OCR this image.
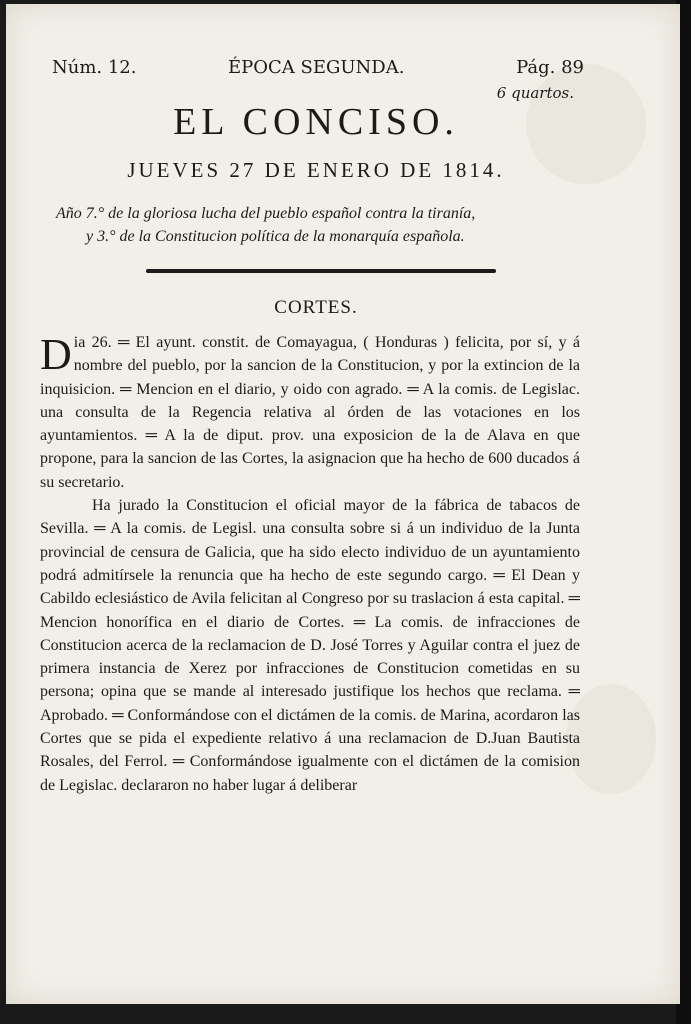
Núm. 12.	ÉPOCA SEGUNDA.	Pág. 89
6 quartos.
EL CONCISO.
JUEVES 27 DE ENERO DE 1814.
Año 7.° de la gloriosa lucha del pueblo español contra la tiranía,
y 3.° de la Constitucion política de la monarquía española.
CORTES.

Dia 26. ═ El ayunt. constit. de Comayagua, ( Honduras ) felicita, por sí, y á nombre del pueblo, por la sancion de la Constitucion, y por la extincion de la inquisicion. ═ Mencion en el diario, y oido con agrado. ═ A la comis. de Legislac. una consulta de la Regencia relativa al órden de las votaciones en los ayuntamientos. ═ A la de diput. prov. una exposicion de la de Alava en que propone, para la sancion de las Cortes, la asignacion que ha hecho de 600 ducados á su secretario.

Ha jurado la Constitucion el oficial mayor de la fábrica de tabacos de Sevilla. ═ A la comis. de Legisl. una consulta sobre si á un individuo de la Junta provincial de censura de Galicia, que ha sido electo individuo de un ayuntamiento podrá admitírsele la renuncia que ha hecho de este segundo cargo. ═ El Dean y Cabildo eclesiástico de Avila felicitan al Congreso por su traslacion á esta capital. ═ Mencion honorífica en el diario de Cortes. ═ La comis. de infracciones de Constitucion acerca de la reclamacion de D. José Torres y Aguilar contra el juez de primera instancia de Xerez por infracciones de Constitucion cometidas en su persona; opina que se mande al interesado justifique los hechos que reclama. ═ Aprobado. ═ Conformándose con el dictámen de la comis. de Marina, acordaron las Cortes que se pida el expediente relativo á una reclamacion de D.Juan Bautista Rosales, del Ferrol. ═ Conformándose igualmente con el dictámen de la comision de Legislac. declararon no haber lugar á deliberar
